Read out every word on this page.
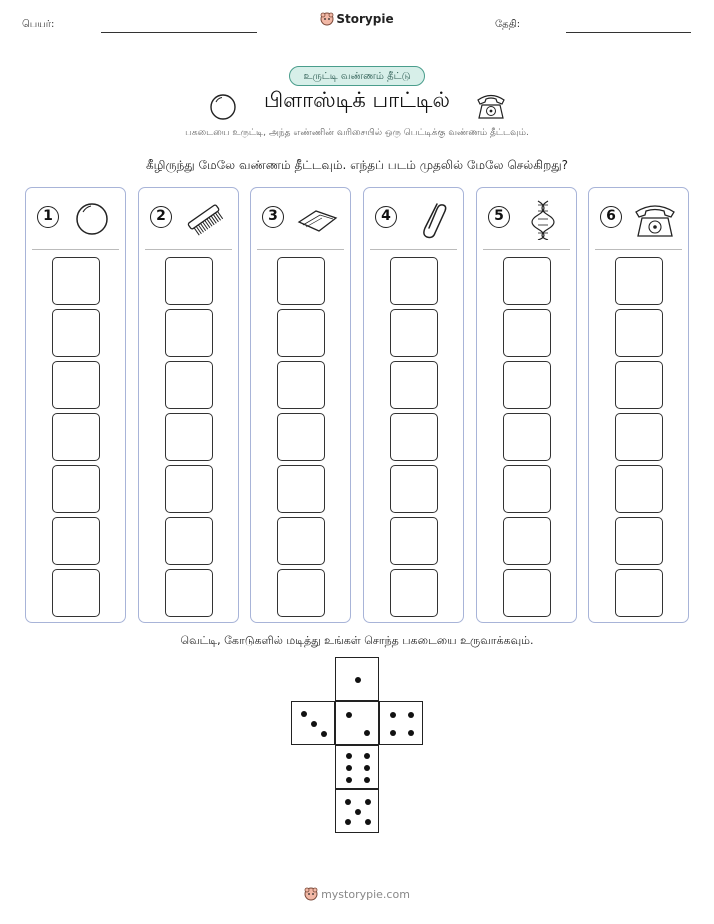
பெயர்:	Storypie	தேதி:
உருட்டி வண்ணம் தீட்டு
பிளாஸ்டிக் பாட்டில்
பகடையை உருட்டி, அந்த எண்ணின் வரிசையில் ஒரு பெட்டிக்கு வண்ணம் தீட்டவும்.
கீழிருந்து மேலே வண்ணம் தீட்டவும். எந்தப் படம் முதலில் மேலே செல்கிறது?
1	2	3	4	5	6
வெட்டி, கோடுகளில் மடித்து உங்கள் சொந்த பகடையை உருவாக்கவும்.
mystorypie.com
